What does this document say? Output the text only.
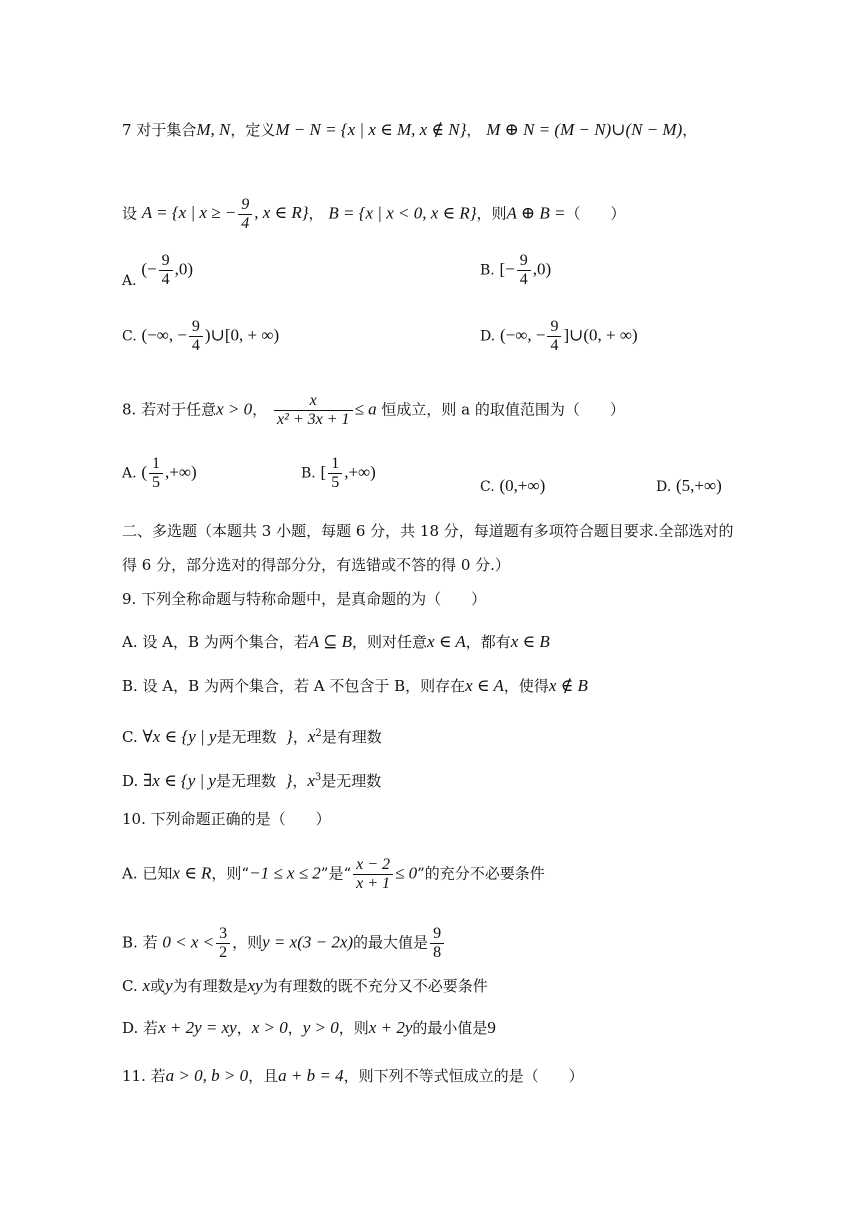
7 对于集合M, N，定义M − N = {x | x ∈ M, x ∉ N}， M ⊕ N = (M − N)∪(N − M)，
设 A = {x | x ≥ − $\frac{9}{4}$ , x ∈ R}， B = {x | x < 0, x ∈ R}，则A ⊕ B =（　　）
A. (− $\frac{9}{4} ,0$)	B. [− $\frac{9}{4} ,0$)
C. (−∞, − $\frac{9}{4}$ )∪[0, + ∞)	D. (−∞, − $\frac{9}{4}$ ]∪(0, + ∞)
8. 若对于任意x > 0， $\frac{x}{\text{x² + 3x + 1}} \le a$ 恒成立，则 a 的取值范围为（　　）
A. ( $\frac{1}{5}$ ,+∞)	B. [ $\frac{1}{5}$ ,+∞)
C. (0,+∞)	D. (5,+∞)
二、多选题（本题共 3 小题，每题 6 分，共 18 分，每道题有多项符合题目要求.全部选对的
得 6 分，部分选对的得部分分，有选错或不答的得 0 分.）
9. 下列全称命题与特称命题中，是真命题的为（　　）
A. 设 A，B 为两个集合，若A ⊆ B，则对任意x ∈ A，都有x ∈ B
B. 设 A，B 为两个集合，若 A 不包含于 B，则存在x ∈ A，使得x ∉ B
C. ∀x ∈ {y | y是无理数 }，$x^2$是有理数
D. ∃x ∈ {y | y是无理数 }，$x^3$是无理数
10. 下列命题正确的是（　　）
A. 已知x ∈ R，则“−1 ≤ x ≤ 2”是“ $\frac{x - 2}{x + 1} \le 0$”的充分不必要条件
B. 若 $0 < x < \frac{3}{2}$ ，则y = x(3 − 2x)的最大值是 $\frac{9}{8}$
C. x或y为有理数是xy为有理数的既不充分又不必要条件
D. 若x + 2y = xy，x > 0，y > 0，则x + 2y的最小值是9
11. 若a > 0, b > 0，且a + b = 4，则下列不等式恒成立的是（　　）
